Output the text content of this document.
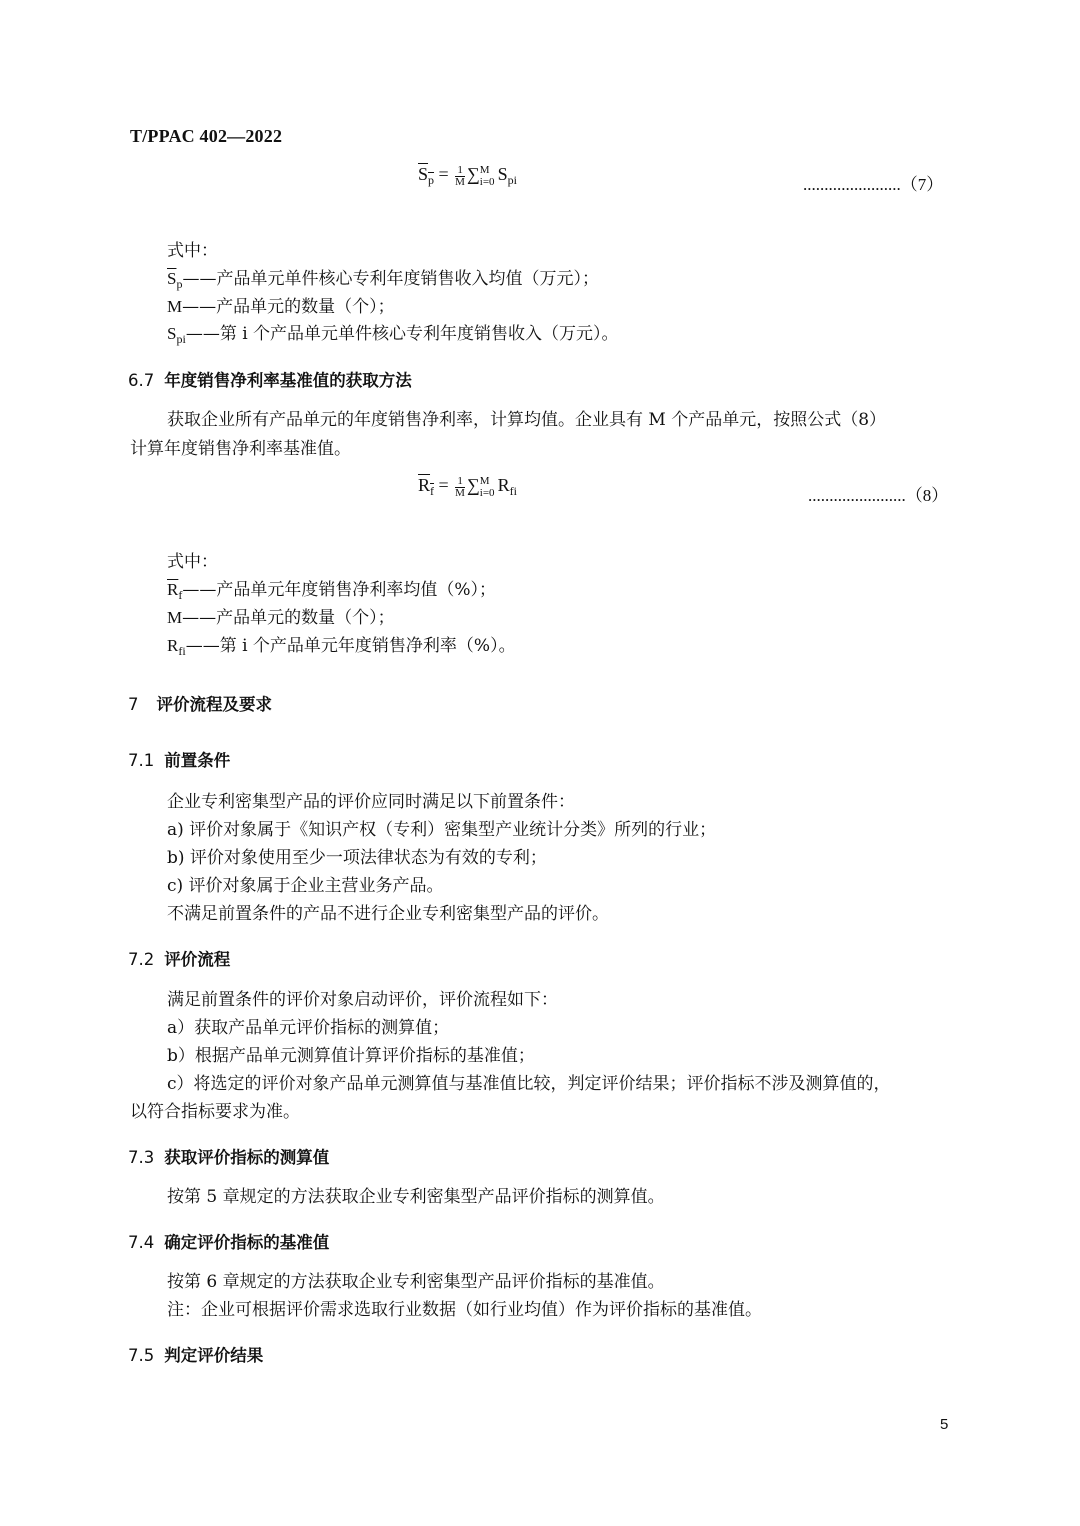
T/PPAC 402—2022
$S_p = \frac{1}{M}$ ∑ M
i=0 $S_{pi}$	.......................（7）
式中：
$\overline{S}_p——$产品单元单件核心专利年度销售收入均值（万元）；
M——产品单元的数量（个）；
$S_{pi}——$第 i 个产品单元单件核心专利年度销售收入（万元）。
6.7 年度销售净利率基准值的获取方法
获取企业所有产品单元的年度销售净利率，计算均值。企业具有 M 个产品单元，按照公式（8）
计算年度销售净利率基准值。
$R_f = \frac{1}{M}$ ∑ M
i=0 $R_{fi}$	.......................（8）
式中：
$\overline{R}_f——$产品单元年度销售净利率均值（%）；
M——产品单元的数量（个）；
$R_{fi}——$第 i 个产品单元年度销售净利率（%）。
7 评价流程及要求
7.1 前置条件
企业专利密集型产品的评价应同时满足以下前置条件：
a) 评价对象属于《知识产权（专利）密集型产业统计分类》所列的行业；
b) 评价对象使用至少一项法律状态为有效的专利；
c) 评价对象属于企业主营业务产品。
不满足前置条件的产品不进行企业专利密集型产品的评价。
7.2 评价流程
满足前置条件的评价对象启动评价，评价流程如下：
a）获取产品单元评价指标的测算值；
b）根据产品单元测算值计算评价指标的基准值；
c）将选定的评价对象产品单元测算值与基准值比较，判定评价结果；评价指标不涉及测算值的，
以符合指标要求为准。
7.3 获取评价指标的测算值
按第 5 章规定的方法获取企业专利密集型产品评价指标的测算值。
7.4 确定评价指标的基准值
按第 6 章规定的方法获取企业专利密集型产品评价指标的基准值。
注：企业可根据评价需求选取行业数据（如行业均值）作为评价指标的基准值。
7.5 判定评价结果
5
